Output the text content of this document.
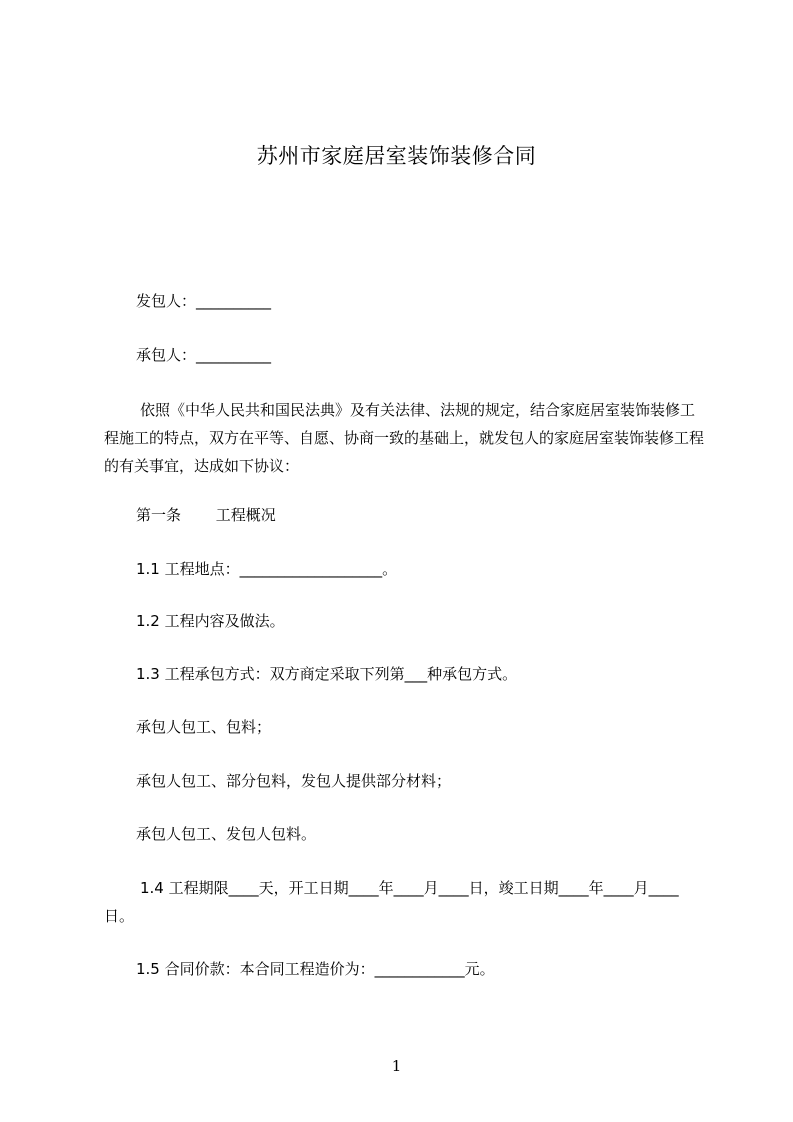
苏州市家庭居室装饰装修合同
发包人：__________
承包人：__________
依照《中华人民共和国民法典》及有关法律、法规的规定，结合家庭居室装饰装修工程施工的特点，双方在平等、自愿、协商一致的基础上，就发包人的家庭居室装饰装修工程的有关事宜，达成如下协议：
第一条　　 工程概况
1.1 工程地点：___________________。
1.2 工程内容及做法。
1.3 工程承包方式：双方商定采取下列第___种承包方式。
承包人包工、包料；
承包人包工、部分包料，发包人提供部分材料；
承包人包工、发包人包料。
1.4 工程期限____天，开工日期____年____月____日，竣工日期____年____月____日。
1.5 合同价款：本合同工程造价为：____________元。
1
